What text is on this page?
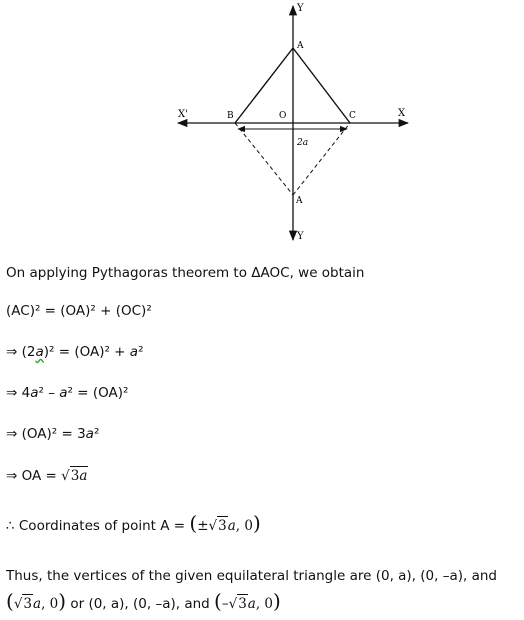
Y
Y
X'	X
A
A
B	O	C
2a
On applying Pythagoras theorem to ΔAOC, we obtain
(AC)² = (OA)² + (OC)²
⇒ (2a)² = (OA)² + a²
⇒ 4a² – a² = (OA)²
⇒ (OA)² = 3a²
⇒ OA = √3a
∴ Coordinates of point A = (±√3a, 0)
Thus, the vertices of the given equilateral triangle are (0, a), (0, –a), and
(√3a, 0) or (0, a), (0, –a), and (–√3a, 0)
